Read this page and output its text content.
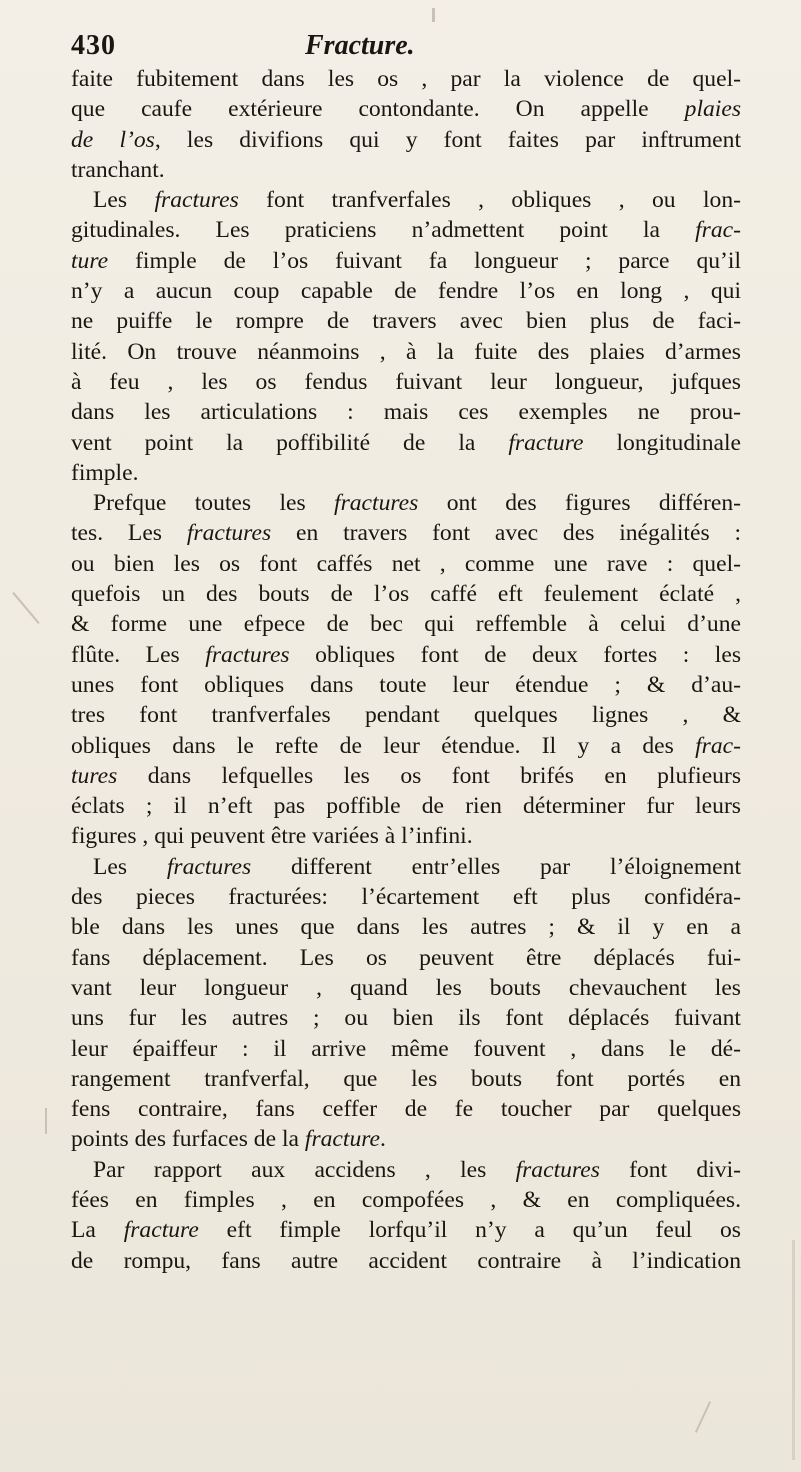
430	Fracture.
faite fubitement dans les os , par la violence de quel-
que caufe extérieure contondante. On appelle plaies
de l’os, les divifions qui y font faites par inftrument
tranchant.
Les fractures font tranfverfales , obliques , ou lon-
gitudinales. Les praticiens n’admettent point la frac-
ture fimple de l’os fuivant fa longueur ; parce qu’il
n’y a aucun coup capable de fendre l’os en long , qui
ne puiffe le rompre de travers avec bien plus de faci-
lité. On trouve néanmoins , à la fuite des plaies d’armes
à feu , les os fendus fuivant leur longueur, jufques
dans les articulations : mais ces exemples ne prou-
vent point la poffibilité de la fracture longitudinale
fimple.
Prefque toutes les fractures ont des figures différen-
tes. Les fractures en travers font avec des inégalités :
ou bien les os font caffés net , comme une rave : quel-
quefois un des bouts de l’os caffé eft feulement éclaté ,
& forme une efpece de bec qui reffemble à celui d’une
flûte. Les fractures obliques font de deux fortes : les
unes font obliques dans toute leur étendue ; & d’au-
tres font tranfverfales pendant quelques lignes , &
obliques dans le refte de leur étendue. Il y a des frac-
tures dans lefquelles les os font brifés en plufieurs
éclats ; il n’eft pas poffible de rien déterminer fur leurs
figures , qui peuvent être variées à l’infini.
Les fractures different entr’elles par l’éloignement
des pieces fracturées: l’écartement eft plus confidéra-
ble dans les unes que dans les autres ; & il y en a
fans déplacement. Les os peuvent être déplacés fui-
vant leur longueur , quand les bouts chevauchent les
uns fur les autres ; ou bien ils font déplacés fuivant
leur épaiffeur : il arrive même fouvent , dans le dé-
rangement tranfverfal, que les bouts font portés en
fens contraire, fans ceffer de fe toucher par quelques
points des furfaces de la fracture.
Par rapport aux accidens , les fractures font divi-
fées en fimples , en compofées , & en compliquées.
La fracture eft fimple lorfqu’il n’y a qu’un feul os
de rompu, fans autre accident contraire à l’indication
